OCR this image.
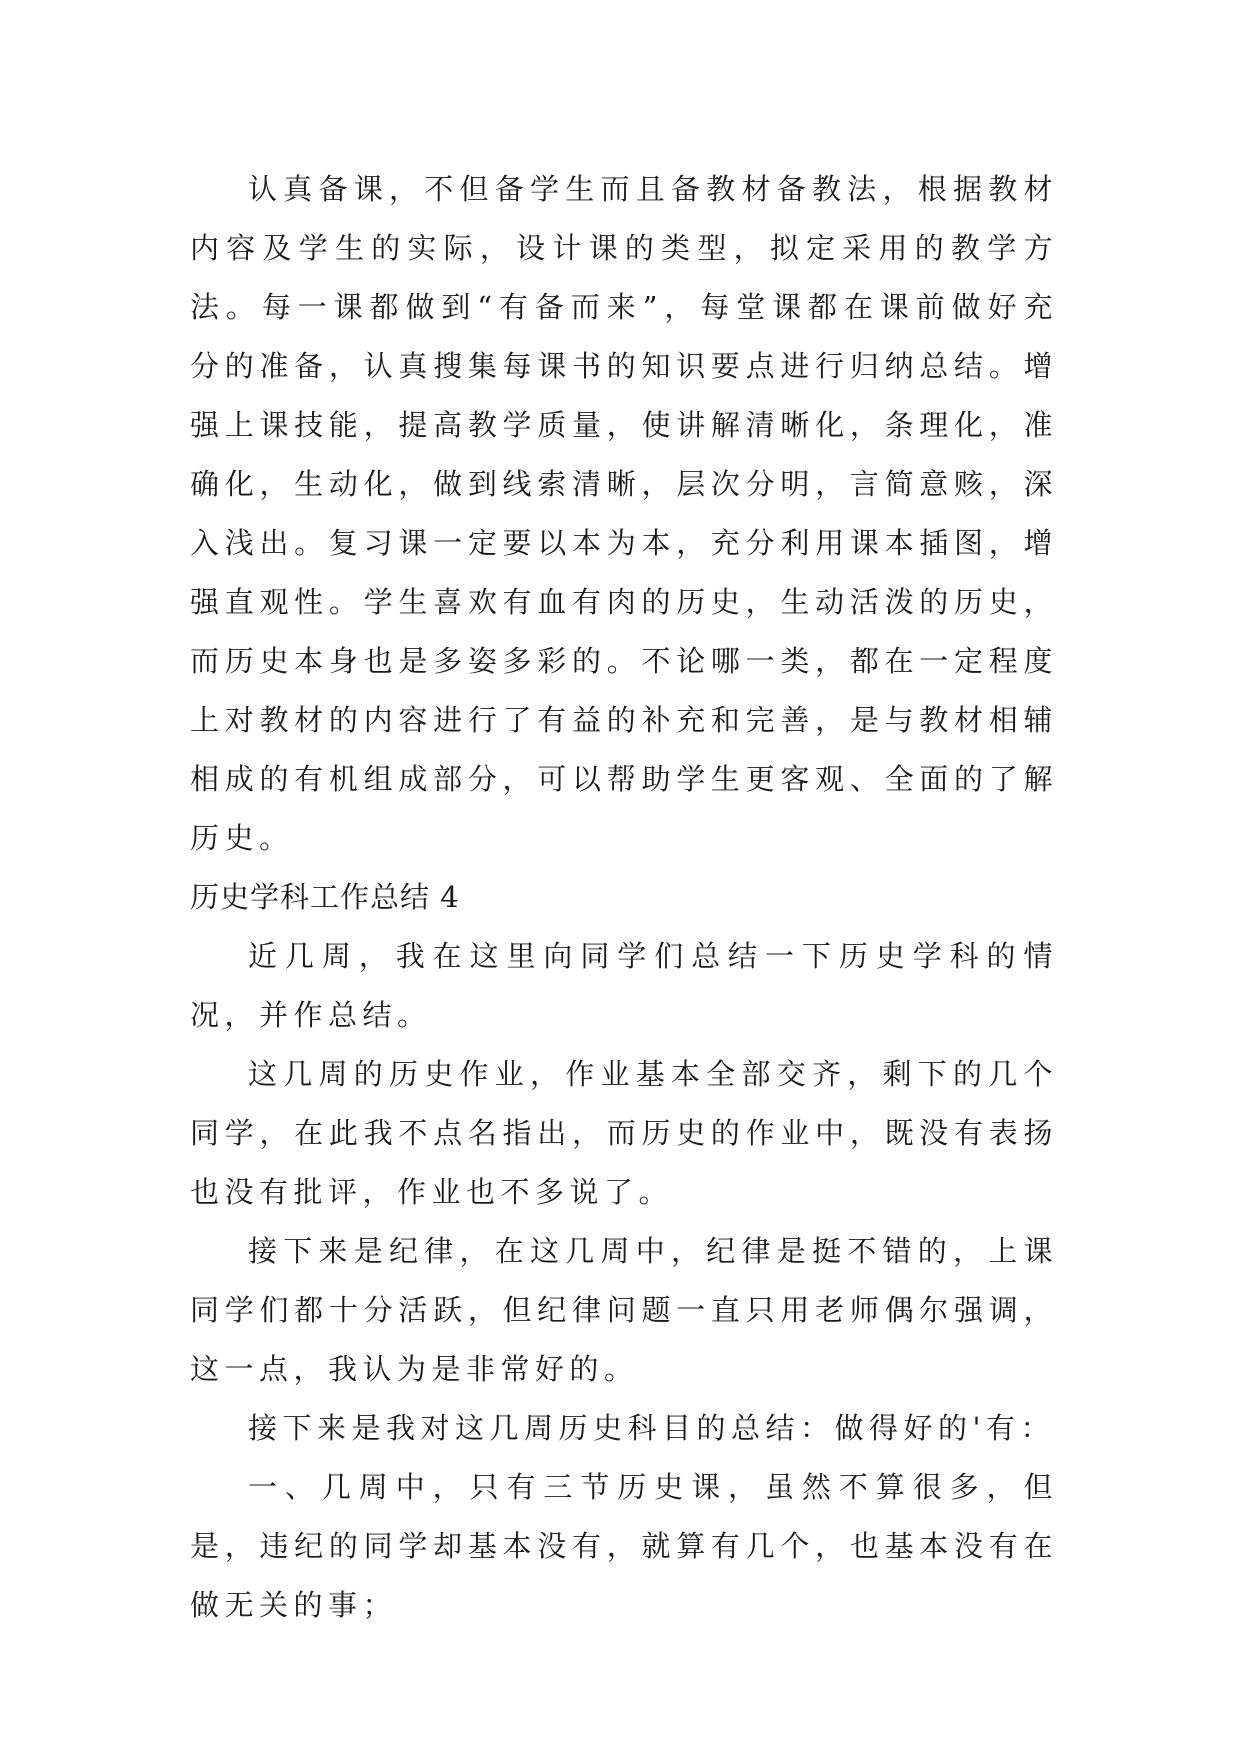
认真备课，不但备学生而且备教材备教法，根据教材内容及学生的实际，设计课的类型，拟定采用的教学方法。每一课都做到“有备而来”，每堂课都在课前做好充分的准备，认真搜集每课书的知识要点进行归纳总结。增强上课技能，提高教学质量，使讲解清晰化，条理化，准确化，生动化，做到线索清晰，层次分明，言简意赅，深入浅出。复习课一定要以本为本，充分利用课本插图，增强直观性。学生喜欢有血有肉的历史，生动活泼的历史，而历史本身也是多姿多彩的。不论哪一类，都在一定程度上对教材的内容进行了有益的补充和完善，是与教材相辅相成的有机组成部分，可以帮助学生更客观、全面的了解历史。

历史学科工作总结 4

近几周，我在这里向同学们总结一下历史学科的情况，并作总结。

这几周的历史作业，作业基本全部交齐，剩下的几个同学，在此我不点名指出，而历史的作业中，既没有表扬也没有批评，作业也不多说了。

接下来是纪律，在这几周中，纪律是挺不错的，上课同学们都十分活跃，但纪律问题一直只用老师偶尔强调，这一点，我认为是非常好的。

接下来是我对这几周历史科目的总结：做得好的'有：

一、几周中，只有三节历史课，虽然不算很多，但是，违纪的同学却基本没有，就算有几个，也基本没有在做无关的事；
